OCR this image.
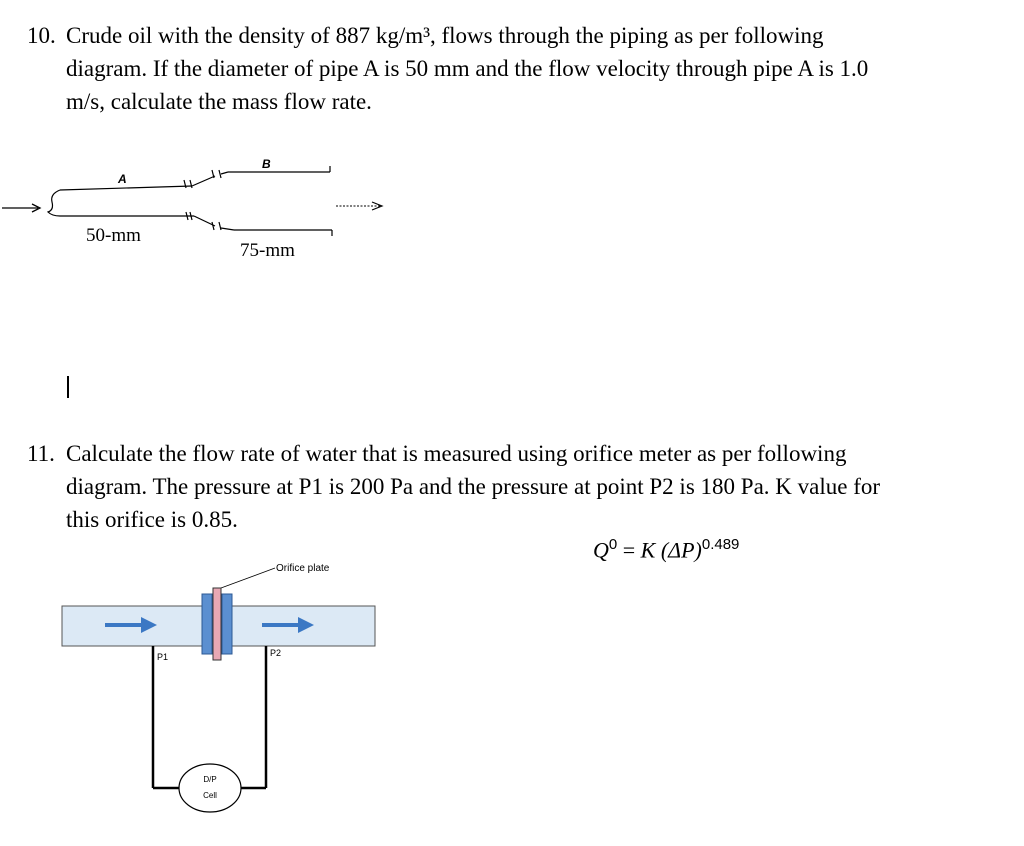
10. Crude oil with the density of 887 kg/m³, flows through the piping as per following
diagram. If the diameter of pipe A is 50 mm and the flow velocity through pipe A is 1.0
m/s, calculate the mass flow rate.
A
B
50-mm
75-mm
11. Calculate the flow rate of water that is measured using orifice meter as per following
diagram. The pressure at P1 is 200 Pa and the pressure at point P2 is 180 Pa. K value for
this orifice is 0.85.
$Q^0 = K$ $(\Delta P)^{0.489}$
Orifice plate
P1	P2
D/P
Cell
